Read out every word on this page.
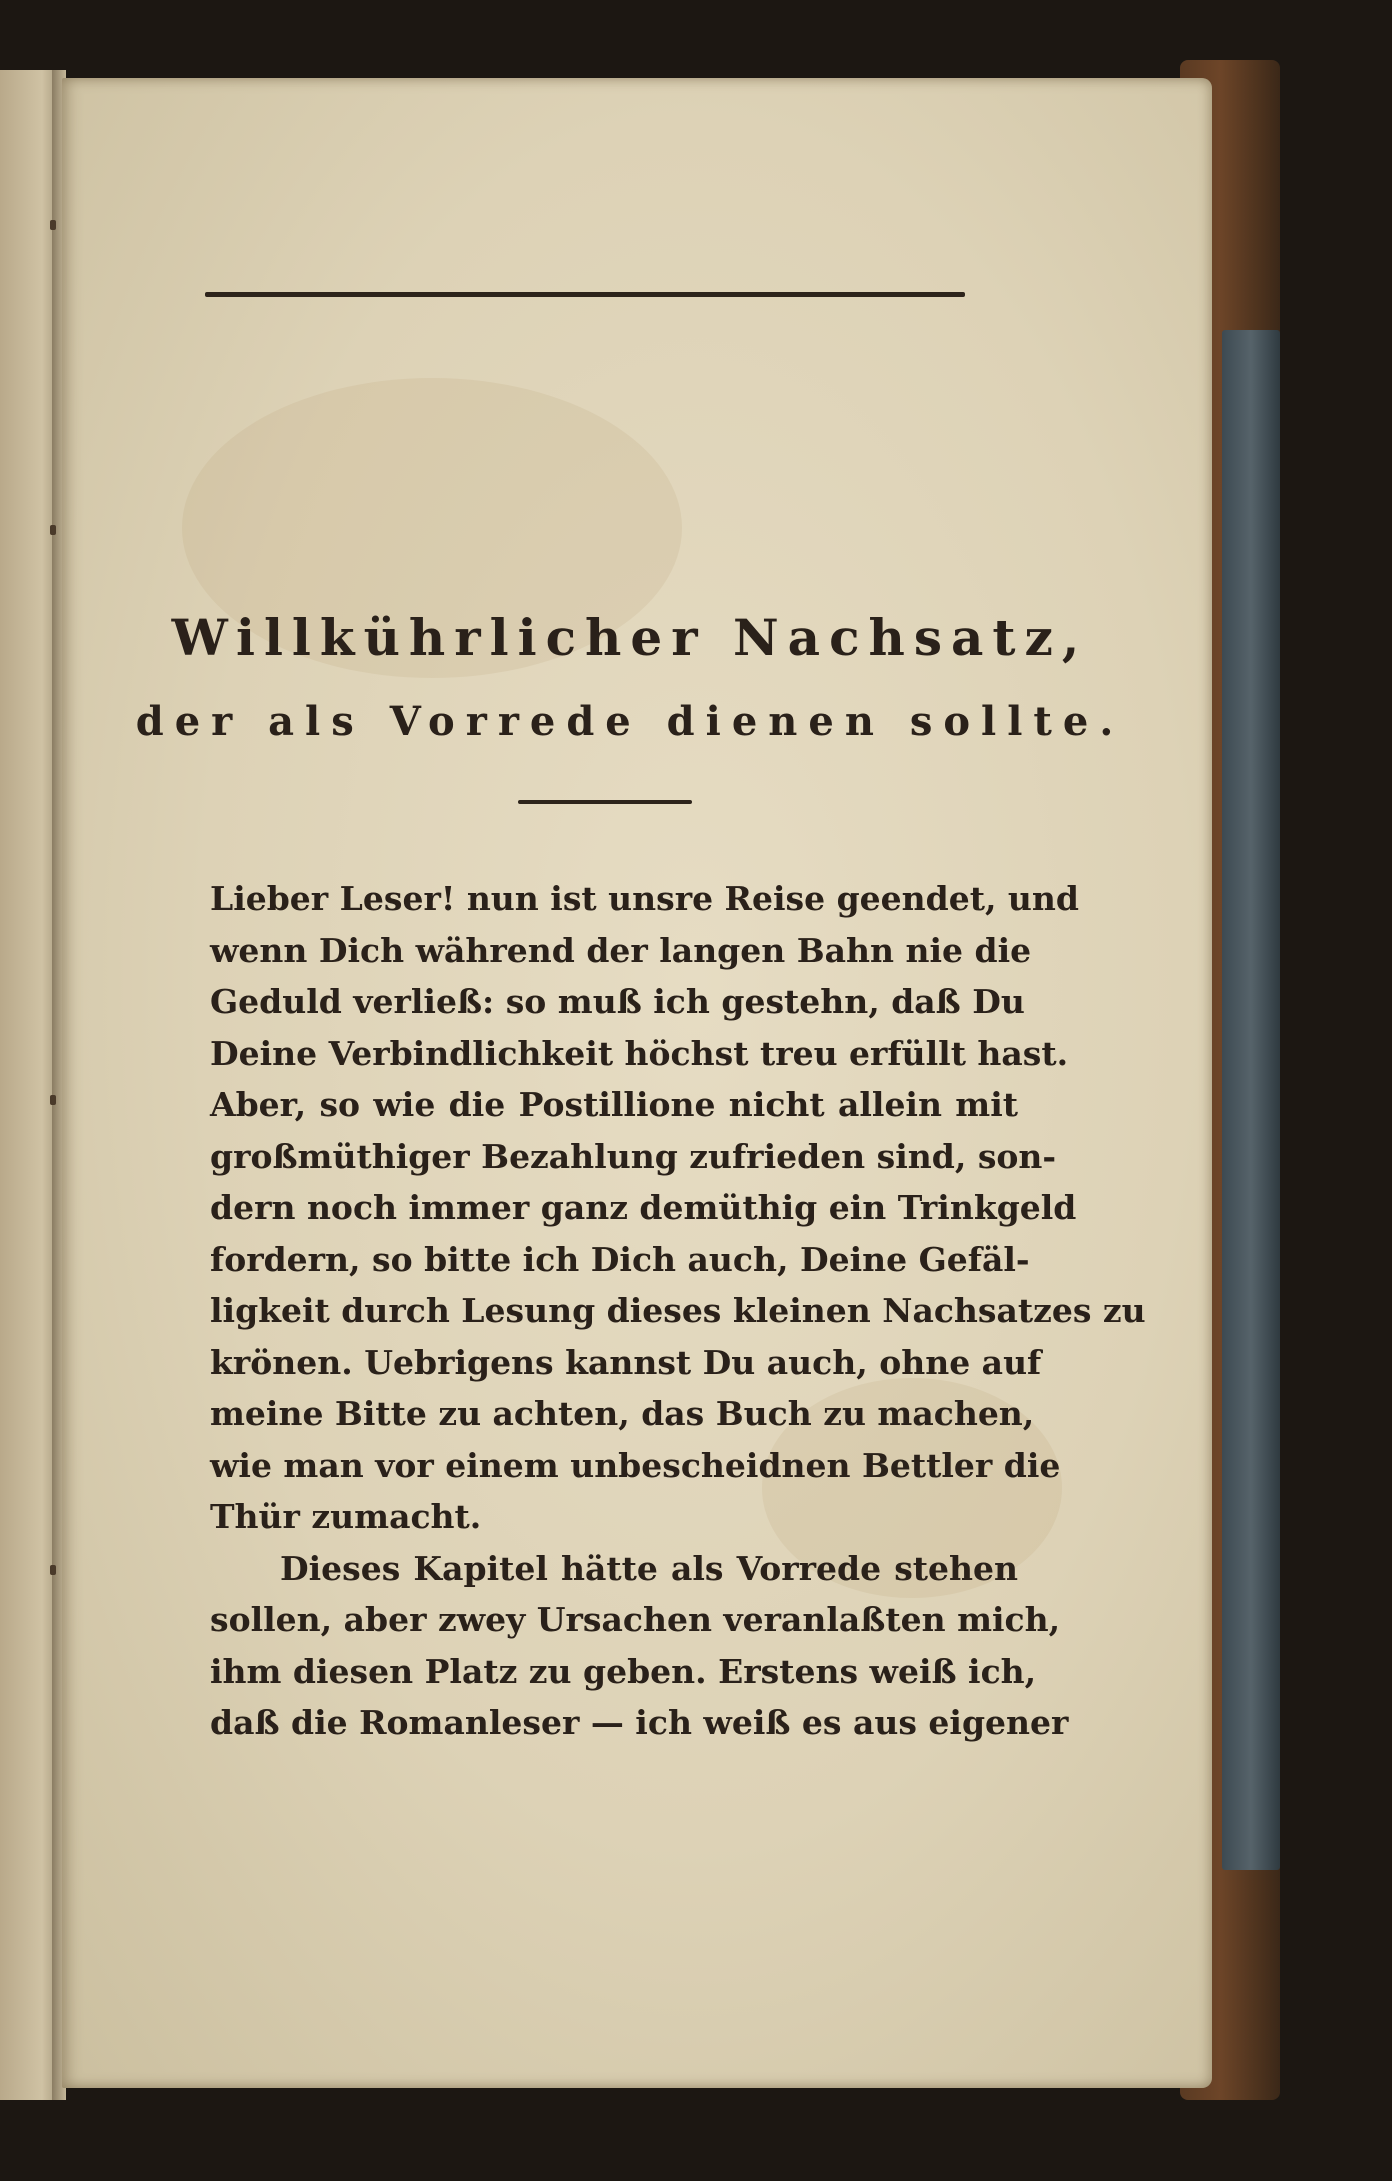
Willkührlicher Nachsatz,
der als Vorrede dienen sollte.
Lieber Leser! nun ist unsre Reise geendet, und
wenn Dich während der langen Bahn nie die
Geduld verließ: so muß ich gestehn, daß Du
Deine Verbindlichkeit höchst treu erfüllt hast.
Aber, so wie die Postillione nicht allein mit
großmüthiger Bezahlung zufrieden sind, son-
dern noch immer ganz demüthig ein Trinkgeld
fordern, so bitte ich Dich auch, Deine Gefäl-
ligkeit durch Lesung dieses kleinen Nachsatzes zu
krönen. Uebrigens kannst Du auch, ohne auf
meine Bitte zu achten, das Buch zu machen,
wie man vor einem unbescheidnen Bettler die
Thür zumacht.
Dieses Kapitel hätte als Vorrede stehen
sollen, aber zwey Ursachen veranlaßten mich,
ihm diesen Platz zu geben. Erstens weiß ich,
daß die Romanleser — ich weiß es aus eigener
